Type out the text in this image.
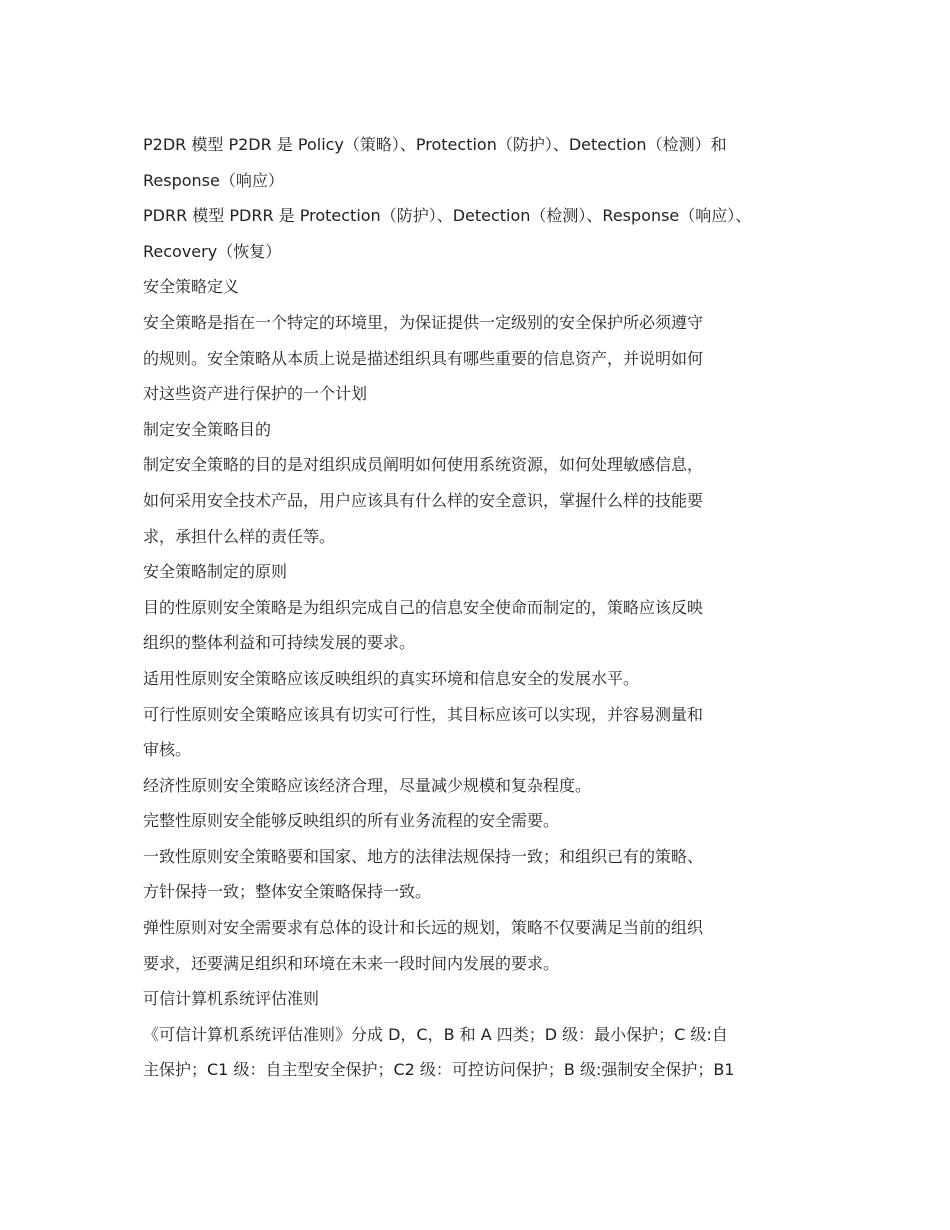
P2DR 模型 P2DR 是 Policy（策略）、Protection（防护）、Detection（检测）和
Response（响应）
PDRR 模型 PDRR 是 Protection（防护）、Detection（检测）、Response（响应）、
Recovery（恢复）
安全策略定义
安全策略是指在一个特定的环境里，为保证提供一定级别的安全保护所必须遵守
的规则。安全策略从本质上说是描述组织具有哪些重要的信息资产，并说明如何
对这些资产进行保护的一个计划
制定安全策略目的
制定安全策略的目的是对组织成员阐明如何使用系统资源，如何处理敏感信息，
如何采用安全技术产品，用户应该具有什么样的安全意识，掌握什么样的技能要
求，承担什么样的责任等。
安全策略制定的原则
目的性原则安全策略是为组织完成自己的信息安全使命而制定的，策略应该反映
组织的整体利益和可持续发展的要求。
适用性原则安全策略应该反映组织的真实环境和信息安全的发展水平。
可行性原则安全策略应该具有切实可行性，其目标应该可以实现，并容易测量和
审核。
经济性原则安全策略应该经济合理，尽量减少规模和复杂程度。
完整性原则安全能够反映组织的所有业务流程的安全需要。
一致性原则安全策略要和国家、地方的法律法规保持一致；和组织已有的策略、
方针保持一致；整体安全策略保持一致。
弹性原则对安全需要求有总体的设计和长远的规划，策略不仅要满足当前的组织
要求，还要满足组织和环境在未来一段时间内发展的要求。
可信计算机系统评估准则
《可信计算机系统评估准则》分成 D，C，B 和 A 四类；D 级：最小保护；C 级:自
主保护；C1 级：自主型安全保护；C2 级：可控访问保护；B 级:强制安全保护；B1
